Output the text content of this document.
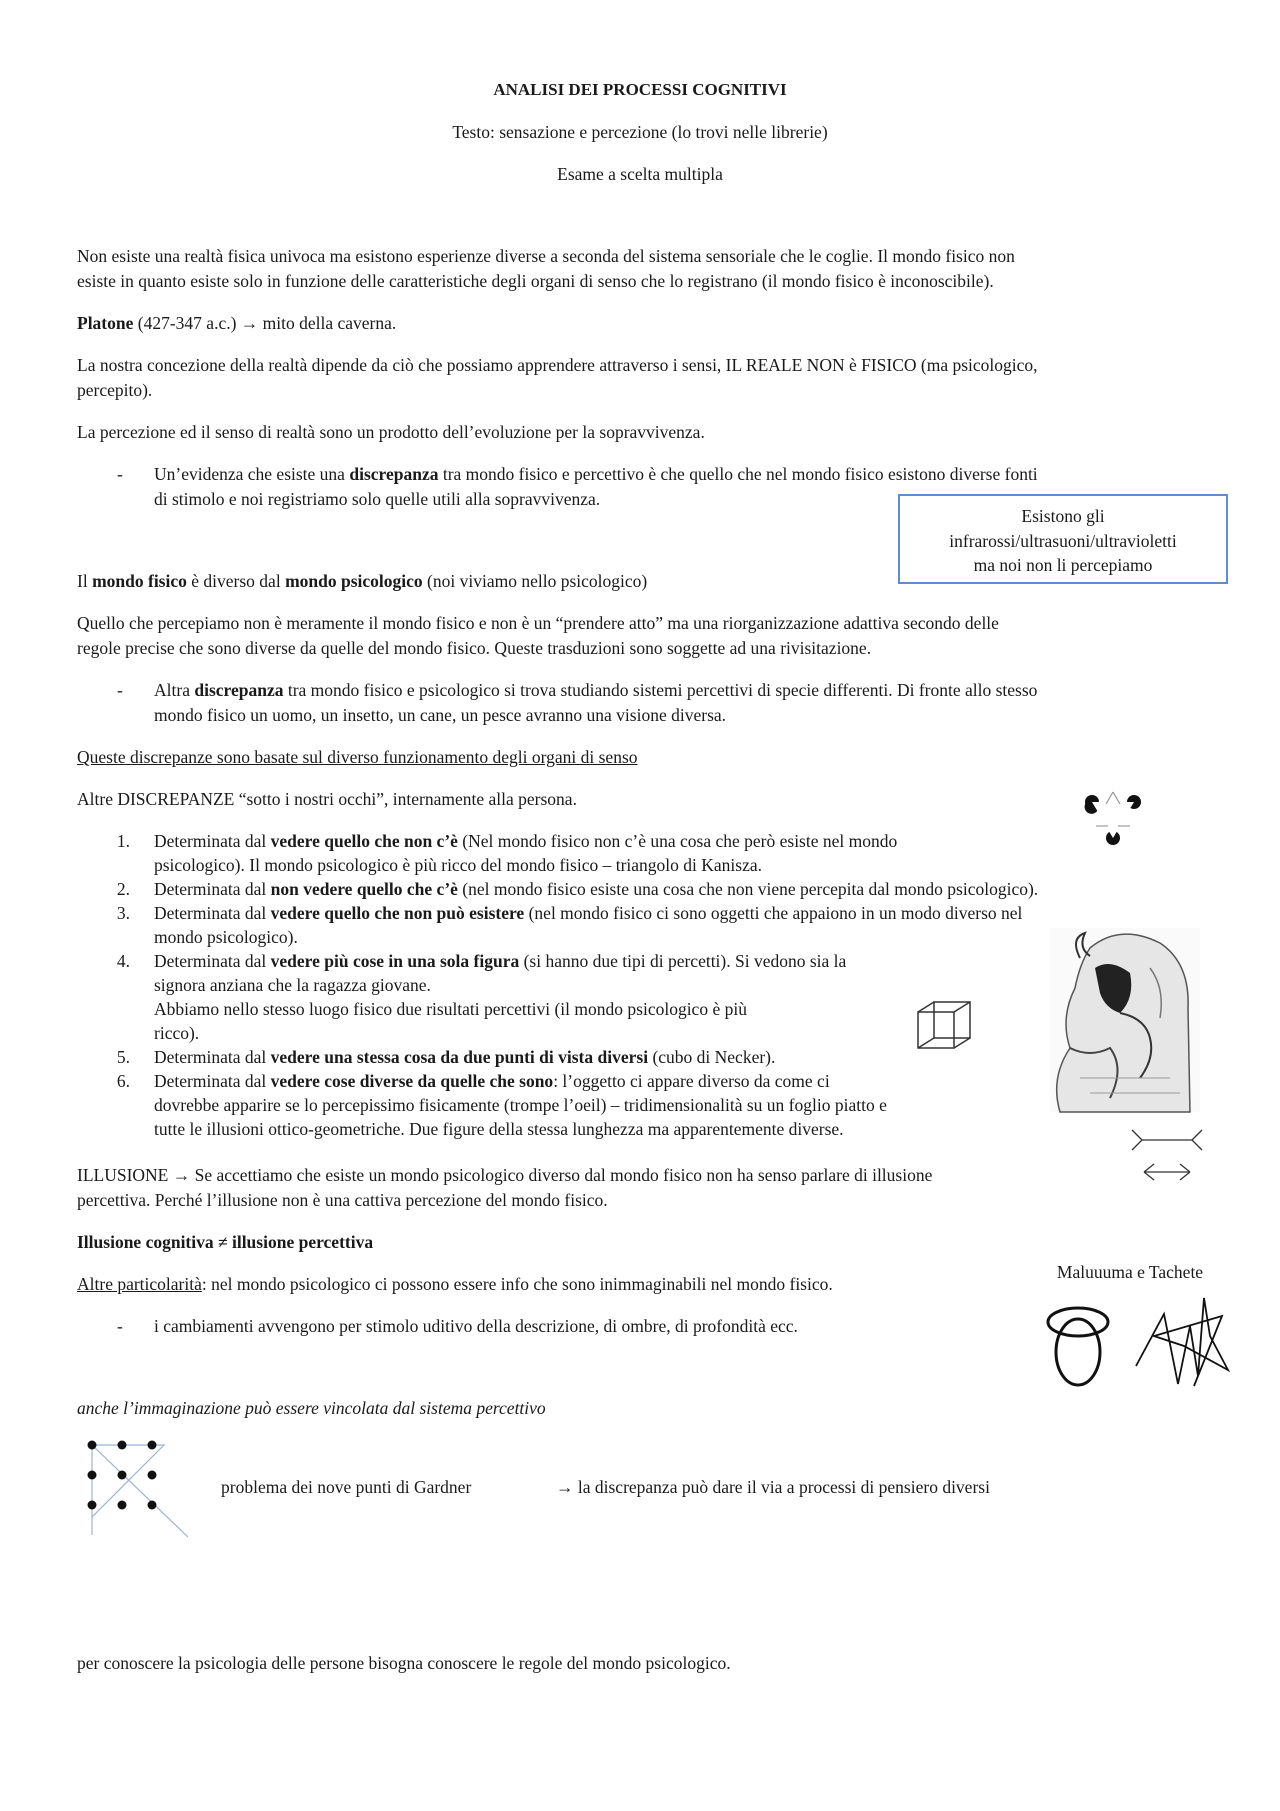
ANALISI DEI PROCESSI COGNITIVI
Testo: sensazione e percezione (lo trovi nelle librerie)
Esame a scelta multipla

Non esiste una realtà fisica univoca ma esistono esperienze diverse a seconda del sistema sensoriale che le coglie. Il mondo fisico non

esiste in quanto esiste solo in funzione delle caratteristiche degli organi di senso che lo registrano (il mondo fisico è inconoscibile).

Platone (427-347 a.c.) → mito della caverna.

La nostra concezione della realtà dipende da ciò che possiamo apprendere attraverso i sensi, IL REALE NON è FISICO (ma psicologico,

percepito).

La percezione ed il senso di realtà sono un prodotto dell’evoluzione per la sopravvivenza.

- Un’evidenza che esiste una discrepanza tra mondo fisico e percettivo è che quello che nel mondo fisico esistono diverse fonti

di stimolo e noi registriamo solo quelle utili alla sopravvivenza.

Esistono gli
infrarossi/ultrasuoni/ultravioletti
ma noi non li percepiamo

Il mondo fisico è diverso dal mondo psicologico (noi viviamo nello psicologico)

Quello che percepiamo non è meramente il mondo fisico e non è un “prendere atto” ma una riorganizzazione adattiva secondo delle

regole precise che sono diverse da quelle del mondo fisico. Queste trasduzioni sono soggette ad una rivisitazione.

- Altra discrepanza tra mondo fisico e psicologico si trova studiando sistemi percettivi di specie differenti. Di fronte allo stesso

mondo fisico un uomo, un insetto, un cane, un pesce avranno una visione diversa.

Queste discrepanze sono basate sul diverso funzionamento degli organi di senso

Altre DISCREPANZE “sotto i nostri occhi”, internamente alla persona.

1. Determinata dal vedere quello che non c’è (Nel mondo fisico non c’è una cosa che però esiste nel mondo

psicologico). Il mondo psicologico è più ricco del mondo fisico – triangolo di Kanisza.

2. Determinata dal non vedere quello che c’è (nel mondo fisico esiste una cosa che non viene percepita dal mondo psicologico).

3. Determinata dal vedere quello che non può esistere (nel mondo fisico ci sono oggetti che appaiono in un modo diverso nel

mondo psicologico).

4. Determinata dal vedere più cose in una sola figura (si hanno due tipi di percetti). Si vedono sia la

signora anziana che la ragazza giovane.

Abbiamo nello stesso luogo fisico due risultati percettivi (il mondo psicologico è più

ricco).

5. Determinata dal vedere una stessa cosa da due punti di vista diversi (cubo di Necker).

6. Determinata dal vedere cose diverse da quelle che sono: l’oggetto ci appare diverso da come ci

dovrebbe apparire se lo percepissimo fisicamente (trompe l’oeil) – tridimensionalità su un foglio piatto e

tutte le illusioni ottico-geometriche. Due figure della stessa lunghezza ma apparentemente diverse.

ILLUSIONE → Se accettiamo che esiste un mondo psicologico diverso dal mondo fisico non ha senso parlare di illusione

percettiva. Perché l’illusione non è una cattiva percezione del mondo fisico.

Illusione cognitiva ≠ illusione percettiva

Altre particolarità: nel mondo psicologico ci possono essere info che sono inimmaginabili nel mondo fisico.

- i cambiamenti avvengono per stimolo uditivo della descrizione, di ombre, di profondità ecc.

Maluuuma e Tachete

anche l’immaginazione può essere vincolata dal sistema percettivo

problema dei nove punti di Gardner	→ la discrepanza può dare il via a processi di pensiero diversi

per conoscere la psicologia delle persone bisogna conoscere le regole del mondo psicologico.
